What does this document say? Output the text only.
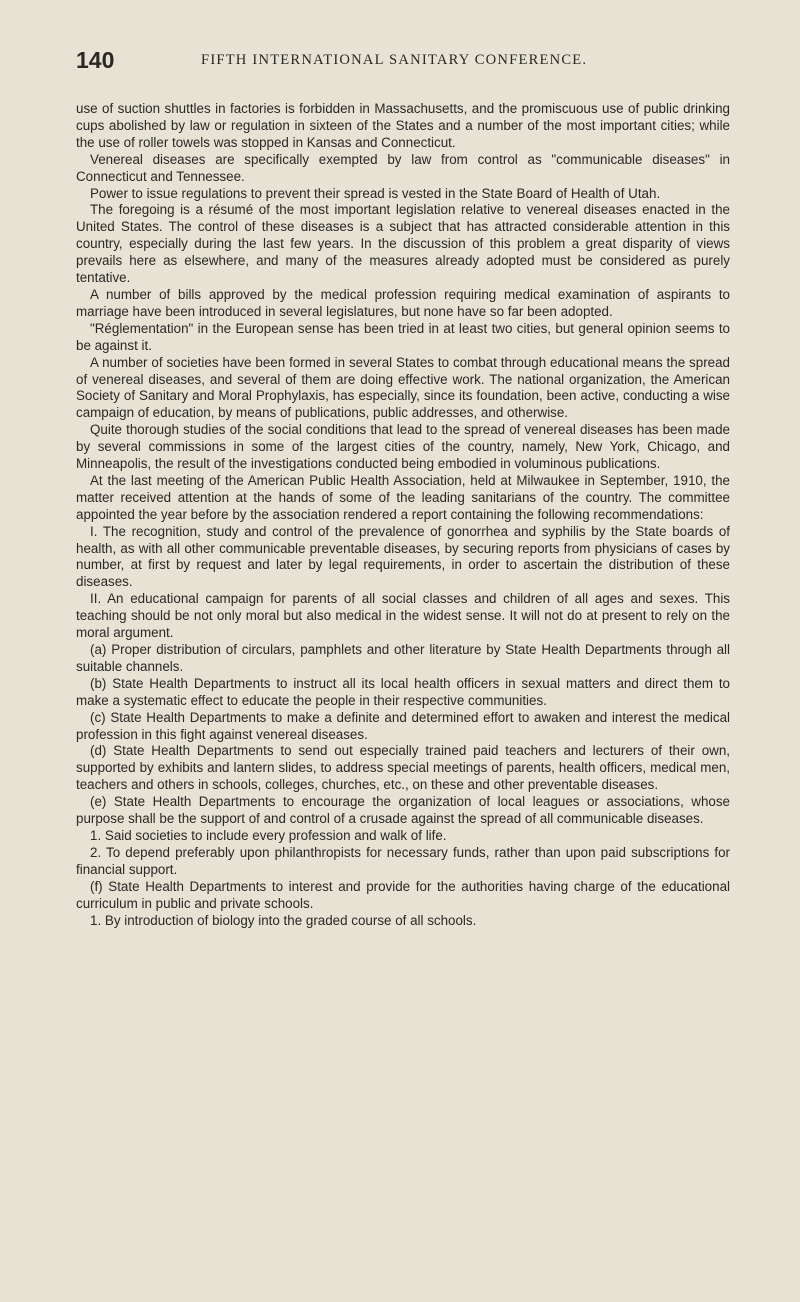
140	FIFTH INTERNATIONAL SANITARY CONFERENCE.

use of suction shuttles in factories is forbidden in Massachusetts, and the promiscuous use of public drinking cups abolished by law or regulation in sixteen of the States and a number of the most important cities; while the use of roller towels was stopped in Kansas and Connecticut.

Venereal diseases are specifically exempted by law from control as "communicable diseases" in Connecticut and Tennessee.

Power to issue regulations to prevent their spread is vested in the State Board of Health of Utah.

The foregoing is a résumé of the most important legislation relative to venereal diseases enacted in the United States. The control of these diseases is a subject that has attracted considerable attention in this country, especially during the last few years. In the discussion of this problem a great disparity of views prevails here as elsewhere, and many of the measures already adopted must be considered as purely tentative.

A number of bills approved by the medical profession requiring medical examination of aspirants to marriage have been introduced in several legislatures, but none have so far been adopted.

"Réglementation" in the European sense has been tried in at least two cities, but general opinion seems to be against it.

A number of societies have been formed in several States to combat through educational means the spread of venereal diseases, and several of them are doing effective work. The national organization, the American Society of Sanitary and Moral Prophylaxis, has especially, since its foundation, been active, conducting a wise campaign of education, by means of publications, public addresses, and otherwise.

Quite thorough studies of the social conditions that lead to the spread of venereal diseases has been made by several commissions in some of the largest cities of the country, namely, New York, Chicago, and Minneapolis, the result of the investigations conducted being embodied in voluminous publications.

At the last meeting of the American Public Health Association, held at Milwaukee in September, 1910, the matter received attention at the hands of some of the leading sanitarians of the country. The committee appointed the year before by the association rendered a report containing the following recommendations:

I. The recognition, study and control of the prevalence of gonorrhea and syphilis by the State boards of health, as with all other communicable preventable diseases, by securing reports from physicians of cases by number, at first by request and later by legal requirements, in order to ascertain the distribution of these diseases.

II. An educational campaign for parents of all social classes and children of all ages and sexes. This teaching should be not only moral but also medical in the widest sense. It will not do at present to rely on the moral argument.

(a) Proper distribution of circulars, pamphlets and other literature by State Health Departments through all suitable channels.

(b) State Health Departments to instruct all its local health officers in sexual matters and direct them to make a systematic effect to educate the people in their respective communities.

(c) State Health Departments to make a definite and determined effort to awaken and interest the medical profession in this fight against venereal diseases.

(d) State Health Departments to send out especially trained paid teachers and lecturers of their own, supported by exhibits and lantern slides, to address special meetings of parents, health officers, medical men, teachers and others in schools, colleges, churches, etc., on these and other preventable diseases.

(e) State Health Departments to encourage the organization of local leagues or associations, whose purpose shall be the support of and control of a crusade against the spread of all communicable diseases.

1. Said societies to include every profession and walk of life.

2. To depend preferably upon philanthropists for necessary funds, rather than upon paid subscriptions for financial support.

(f) State Health Departments to interest and provide for the authorities having charge of the educational curriculum in public and private schools.

1. By introduction of biology into the graded course of all schools.
